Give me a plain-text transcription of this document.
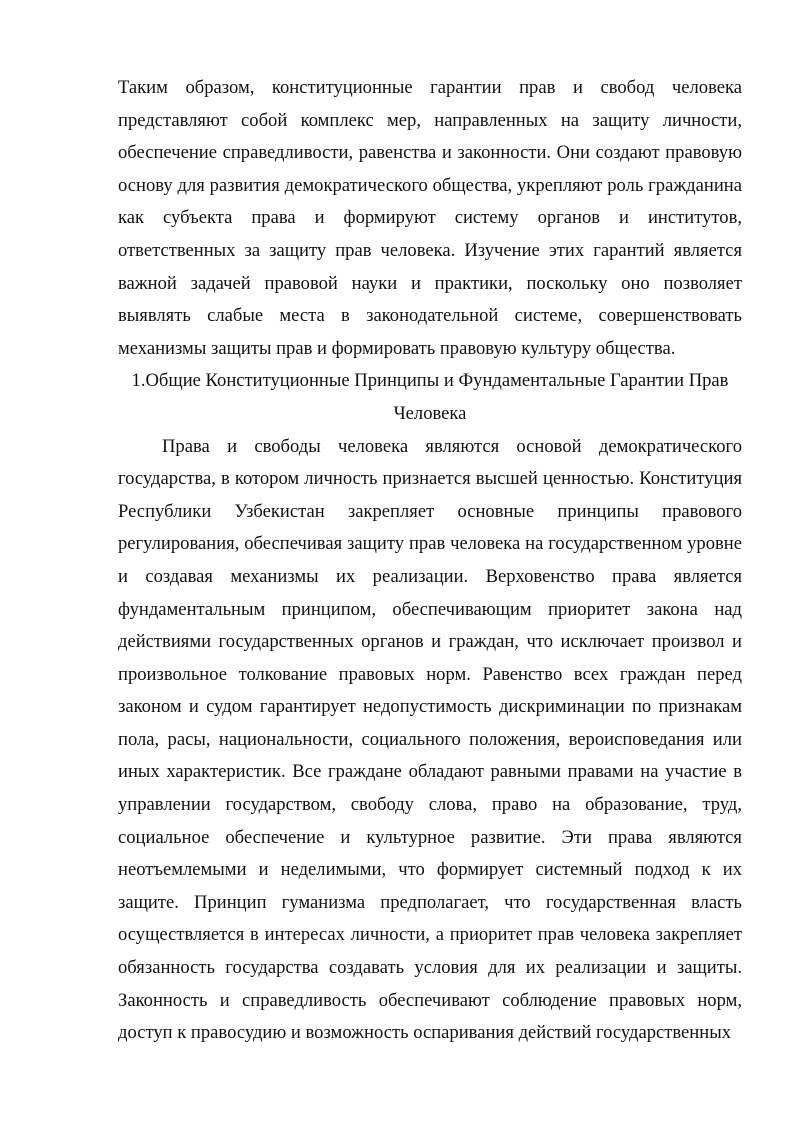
Таким образом, конституционные гарантии прав и свобод человека представляют собой комплекс мер, направленных на защиту личности, обеспечение справедливости, равенства и законности. Они создают правовую основу для развития демократического общества, укрепляют роль гражданина как субъекта права и формируют систему органов и институтов, ответственных за защиту прав человека. Изучение этих гарантий является важной задачей правовой науки и практики, поскольку оно позволяет выявлять слабые места в законодательной системе, совершенствовать механизмы защиты прав и формировать правовую культуру общества.

1.Общие Конституционные Принципы и Фундаментальные Гарантии Прав Человека

Права и свободы человека являются основой демократического государства, в котором личность признается высшей ценностью. Конституция Республики Узбекистан закрепляет основные принципы правового регулирования, обеспечивая защиту прав человека на государственном уровне и создавая механизмы их реализации. Верховенство права является фундаментальным принципом, обеспечивающим приоритет закона над действиями государственных органов и граждан, что исключает произвол и произвольное толкование правовых норм. Равенство всех граждан перед законом и судом гарантирует недопустимость дискриминации по признакам пола, расы, национальности, социального положения, вероисповедания или иных характеристик. Все граждане обладают равными правами на участие в управлении государством, свободу слова, право на образование, труд, социальное обеспечение и культурное развитие. Эти права являются неотъемлемыми и неделимыми, что формирует системный подход к их защите. Принцип гуманизма предполагает, что государственная власть осуществляется в интересах личности, а приоритет прав человека закрепляет обязанность государства создавать условия для их реализации и защиты. Законность и справедливость обеспечивают соблюдение правовых норм, доступ к правосудию и возможность оспаривания действий государственных
